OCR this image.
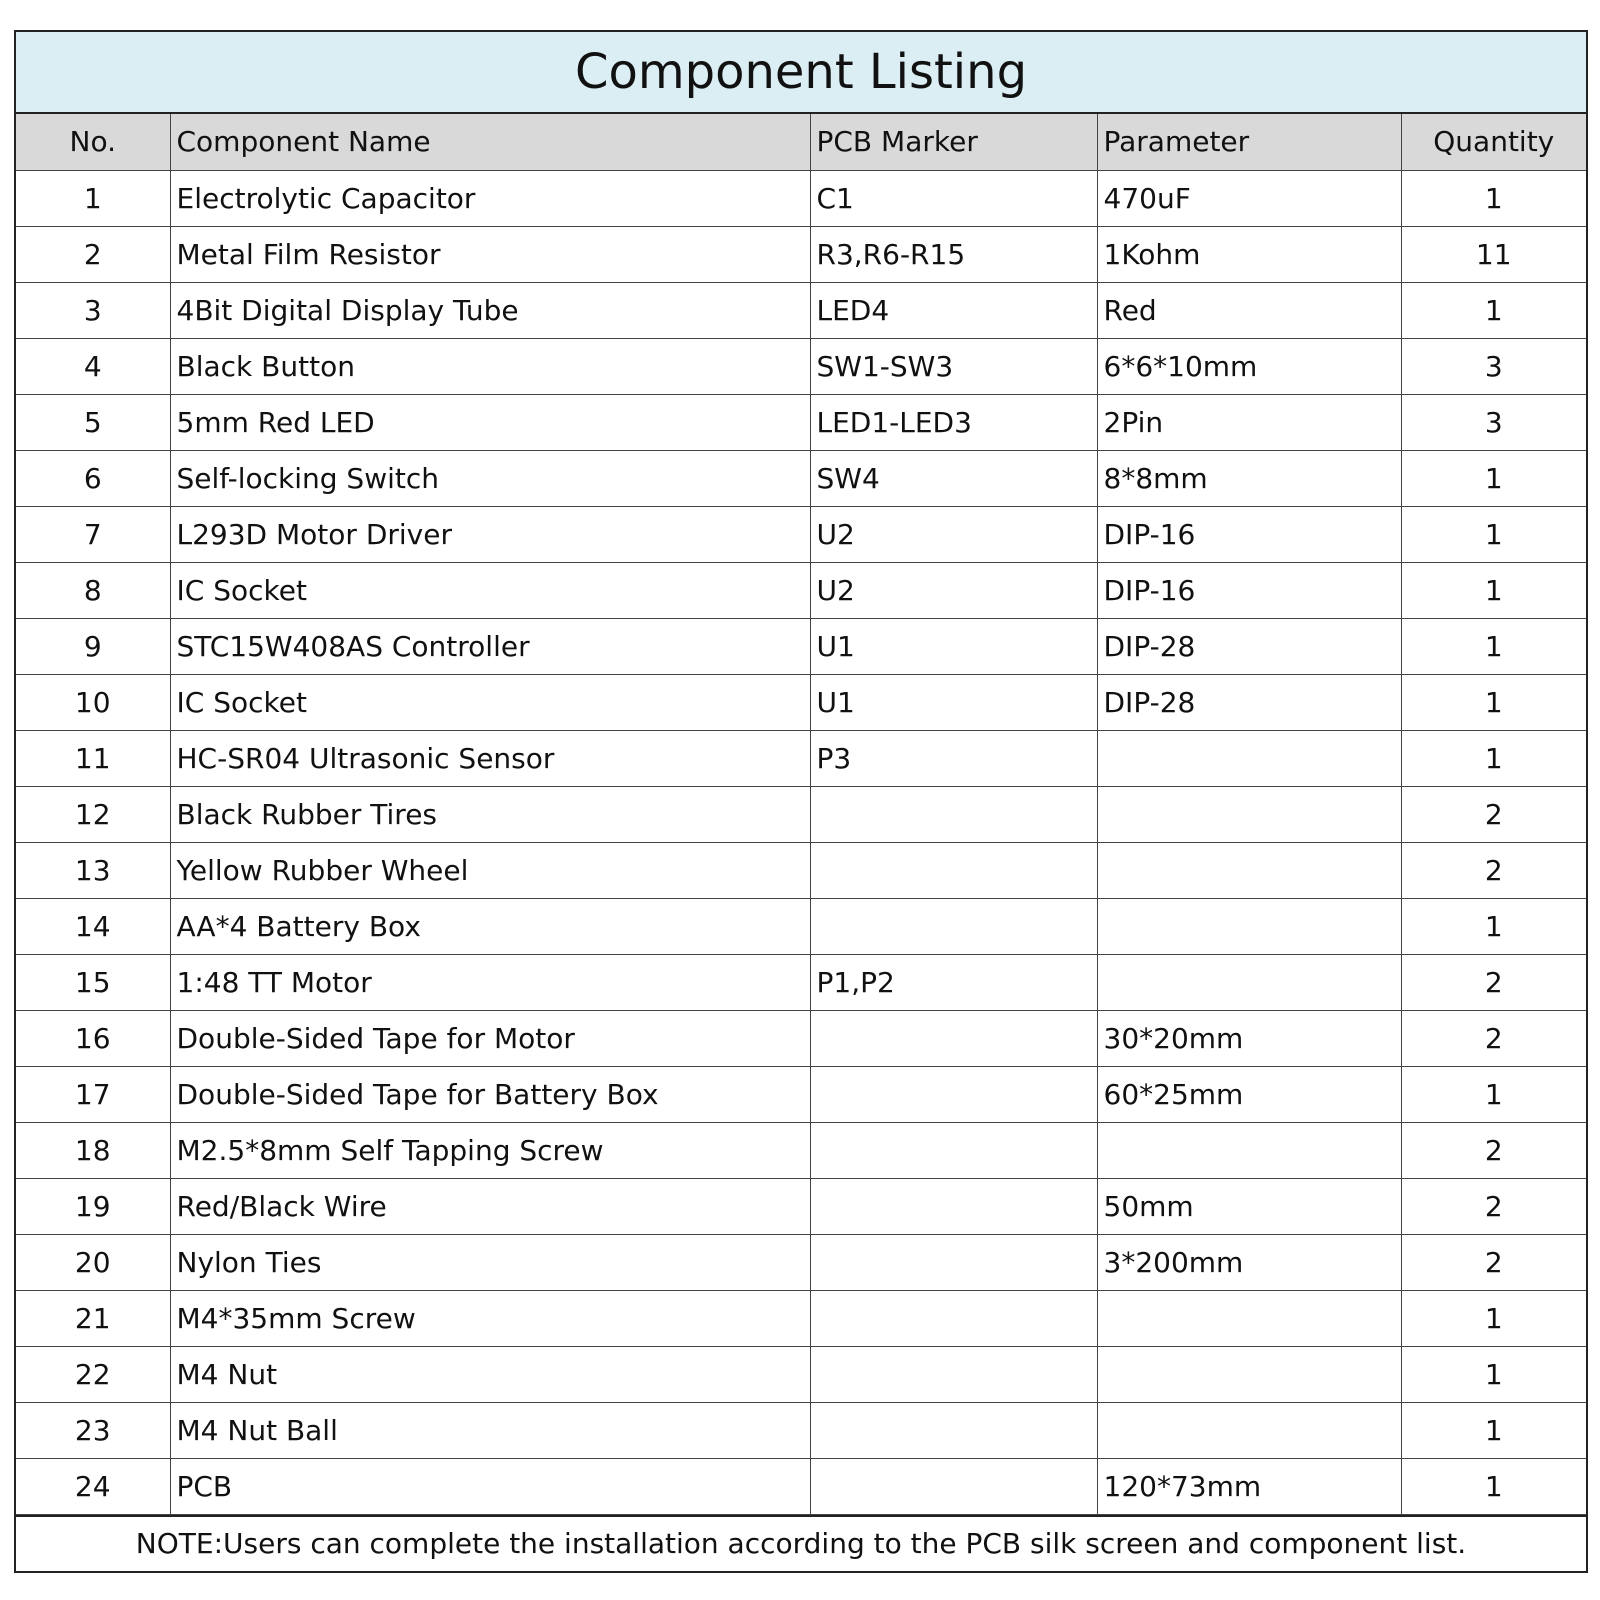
Component Listing
No.	Component Name	PCB Marker	Parameter	Quantity
1	Electrolytic Capacitor	C1	470uF	1
2	Metal Film Resistor	R3,R6-R15	1Kohm	11
3	4Bit Digital Display Tube	LED4	Red	1
4	Black Button	SW1-SW3	6*6*10mm	3
5	5mm Red LED	LED1-LED3	2Pin	3
6	Self-locking Switch	SW4	8*8mm	1
7	L293D Motor Driver	U2	DIP-16	1
8	IC Socket	U2	DIP-16	1
9	STC15W408AS Controller	U1	DIP-28	1
10	IC Socket	U1	DIP-28	1
11	HC-SR04 Ultrasonic Sensor	P3		1
12	Black Rubber Tires			2
13	Yellow Rubber Wheel			2
14	AA*4 Battery Box			1
15	1:48 TT Motor	P1,P2		2
16	Double-Sided Tape for Motor		30*20mm	2
17	Double-Sided Tape for Battery Box		60*25mm	1
18	M2.5*8mm Self Tapping Screw			2
19	Red/Black Wire		50mm	2
20	Nylon Ties		3*200mm	2
21	M4*35mm Screw			1
22	M4 Nut			1
23	M4 Nut Ball			1
24	PCB		120*73mm	1
NOTE:Users can complete the installation according to the PCB silk screen and component list.
